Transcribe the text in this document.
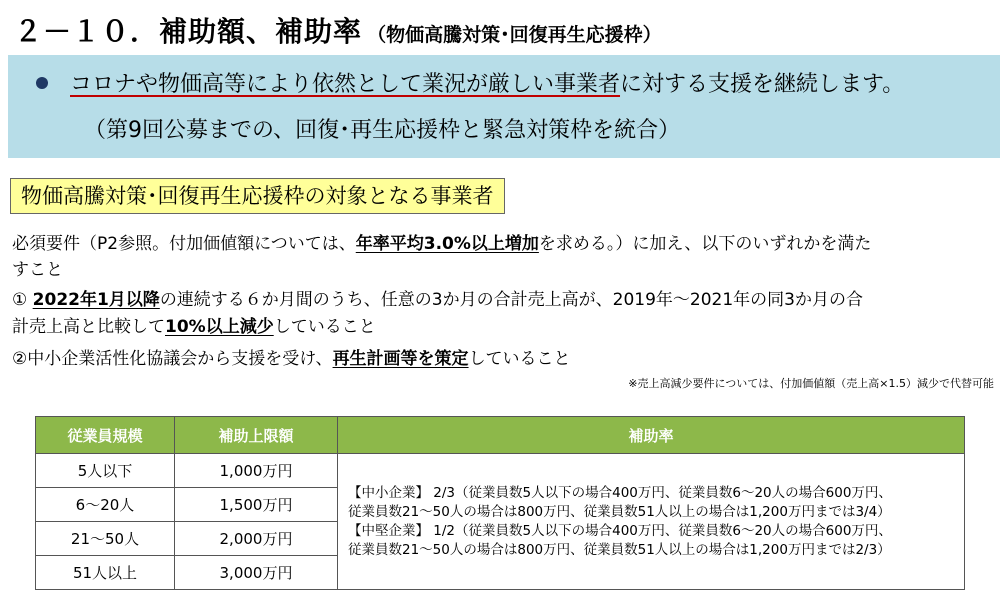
２－１０．補助額、補助率 （物価高騰対策･回復再生応援枠）
コロナや物価高等により依然として業況が厳しい事業者に対する支援を継続します。
（第9回公募までの、回復･再生応援枠と緊急対策枠を統合）
物価高騰対策･回復再生応援枠の対象となる事業者
必須要件（P2参照。付加価値額については、年率平均3.0%以上増加を求める。）に加え、以下のいずれかを満た
すこと
① 2022年1月以降の連続する６か月間のうち、任意の3か月の合計売上高が、2019年～2021年の同3か月の合
計売上高と比較して10%以上減少していること
②中小企業活性化協議会から支援を受け、再生計画等を策定していること
※売上高減少要件については、付加価値額（売上高×1.5）減少で代替可能
従業員規模	補助上限額	補助率
5人以下	1,000万円	【中小企業】 2/3（従業員数5人以下の場合400万円、従業員数6～20人の場合600万円、
従業員数21～50人の場合は800万円、従業員数51人以上の場合は1,200万円までは3/4）
【中堅企業】 1/2（従業員数5人以下の場合400万円、従業員数6～20人の場合600万円、
従業員数21～50人の場合は800万円、従業員数51人以上の場合は1,200万円までは2/3）

6～20人	1,500万円	
21～50人	2,000万円	
51人以上	3,000万円	
